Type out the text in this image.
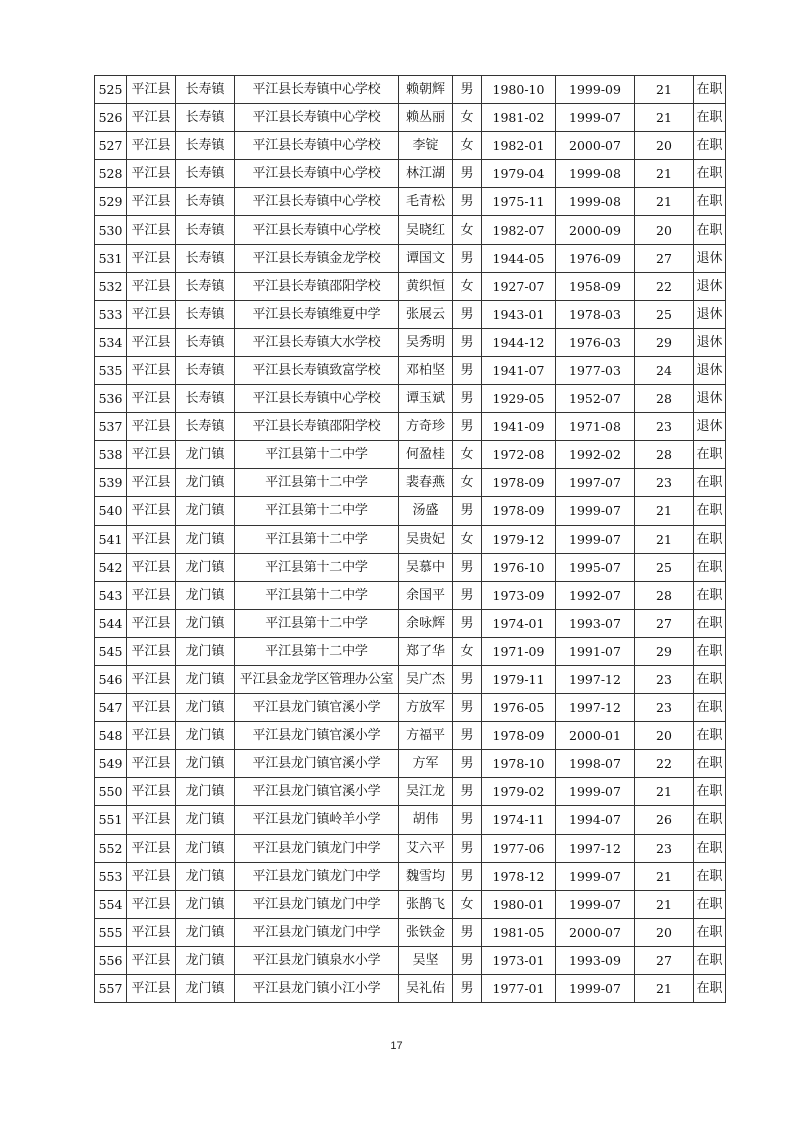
525	平江县	长寿镇	平江县长寿镇中心学校	赖朝辉	男	1980-10	1999-09	21	在职
526	平江县	长寿镇	平江县长寿镇中心学校	赖丛丽	女	1981-02	1999-07	21	在职
527	平江县	长寿镇	平江县长寿镇中心学校	李锭	女	1982-01	2000-07	20	在职
528	平江县	长寿镇	平江县长寿镇中心学校	林江湖	男	1979-04	1999-08	21	在职
529	平江县	长寿镇	平江县长寿镇中心学校	毛青松	男	1975-11	1999-08	21	在职
530	平江县	长寿镇	平江县长寿镇中心学校	吴晓红	女	1982-07	2000-09	20	在职
531	平江县	长寿镇	平江县长寿镇金龙学校	谭国文	男	1944-05	1976-09	27	退休
532	平江县	长寿镇	平江县长寿镇邵阳学校	黄织恒	女	1927-07	1958-09	22	退休
533	平江县	长寿镇	平江县长寿镇维夏中学	张展云	男	1943-01	1978-03	25	退休
534	平江县	长寿镇	平江县长寿镇大水学校	吴秀明	男	1944-12	1976-03	29	退休
535	平江县	长寿镇	平江县长寿镇致富学校	邓柏坚	男	1941-07	1977-03	24	退休
536	平江县	长寿镇	平江县长寿镇中心学校	谭玉斌	男	1929-05	1952-07	28	退休
537	平江县	长寿镇	平江县长寿镇邵阳学校	方奇珍	男	1941-09	1971-08	23	退休
538	平江县	龙门镇	平江县第十二中学	何盈桂	女	1972-08	1992-02	28	在职
539	平江县	龙门镇	平江县第十二中学	裴春燕	女	1978-09	1997-07	23	在职
540	平江县	龙门镇	平江县第十二中学	汤盛	男	1978-09	1999-07	21	在职
541	平江县	龙门镇	平江县第十二中学	吴贵妃	女	1979-12	1999-07	21	在职
542	平江县	龙门镇	平江县第十二中学	吴慕中	男	1976-10	1995-07	25	在职
543	平江县	龙门镇	平江县第十二中学	余国平	男	1973-09	1992-07	28	在职
544	平江县	龙门镇	平江县第十二中学	余咏辉	男	1974-01	1993-07	27	在职
545	平江县	龙门镇	平江县第十二中学	郑了华	女	1971-09	1991-07	29	在职
546	平江县	龙门镇	平江县金龙学区管理办公室	吴广杰	男	1979-11	1997-12	23	在职
547	平江县	龙门镇	平江县龙门镇官溪小学	方放军	男	1976-05	1997-12	23	在职
548	平江县	龙门镇	平江县龙门镇官溪小学	方福平	男	1978-09	2000-01	20	在职
549	平江县	龙门镇	平江县龙门镇官溪小学	方军	男	1978-10	1998-07	22	在职
550	平江县	龙门镇	平江县龙门镇官溪小学	吴江龙	男	1979-02	1999-07	21	在职
551	平江县	龙门镇	平江县龙门镇岭羊小学	胡伟	男	1974-11	1994-07	26	在职
552	平江县	龙门镇	平江县龙门镇龙门中学	艾六平	男	1977-06	1997-12	23	在职
553	平江县	龙门镇	平江县龙门镇龙门中学	魏雪均	男	1978-12	1999-07	21	在职
554	平江县	龙门镇	平江县龙门镇龙门中学	张鹊飞	女	1980-01	1999-07	21	在职
555	平江县	龙门镇	平江县龙门镇龙门中学	张铁金	男	1981-05	2000-07	20	在职
556	平江县	龙门镇	平江县龙门镇泉水小学	吴坚	男	1973-01	1993-09	27	在职
557	平江县	龙门镇	平江县龙门镇小江小学	吴礼佑	男	1977-01	1999-07	21	在职
17
